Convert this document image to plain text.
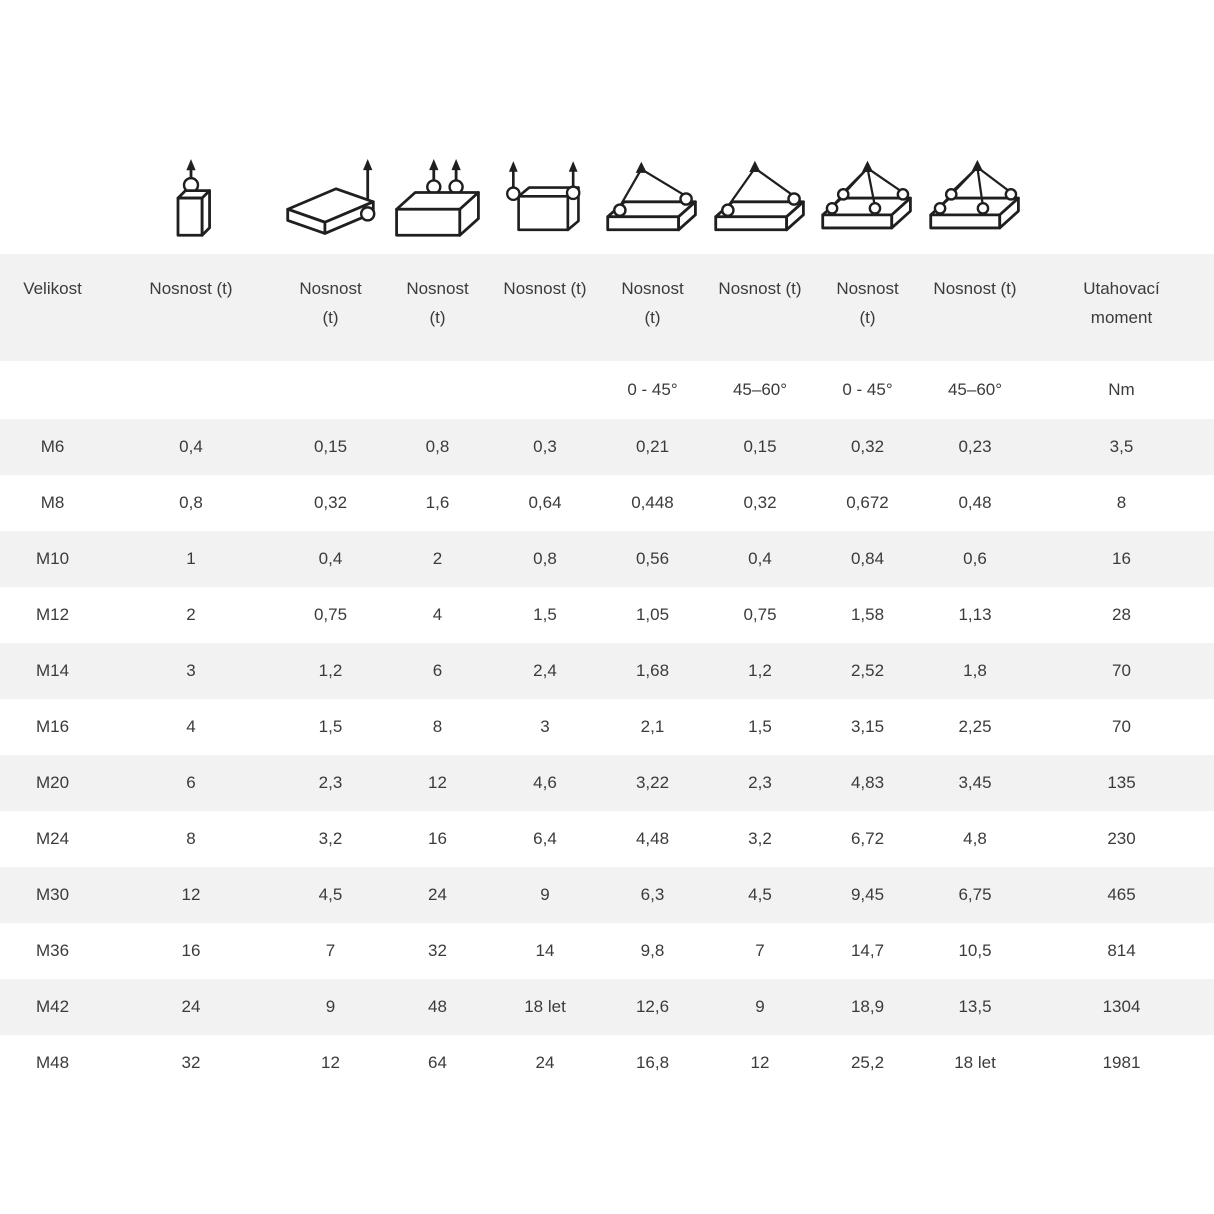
Velikost	Nosnost (t)	Nosnost (t)	Nosnost (t)	Nosnost (t)	Nosnost (t)	Nosnost (t)	Nosnost (t)	Nosnost (t)	Utahovací moment
					0 - 45°	45–60°	0 - 45°	45–60°	Nm
M6	0,4	0,15	0,8	0,3	0,21	0,15	0,32	0,23	3,5
M8	0,8	0,32	1,6	0,64	0,448	0,32	0,672	0,48	8
M10	1	0,4	2	0,8	0,56	0,4	0,84	0,6	16
M12	2	0,75	4	1,5	1,05	0,75	1,58	1,13	28
M14	3	1,2	6	2,4	1,68	1,2	2,52	1,8	70
M16	4	1,5	8	3	2,1	1,5	3,15	2,25	70
M20	6	2,3	12	4,6	3,22	2,3	4,83	3,45	135
M24	8	3,2	16	6,4	4,48	3,2	6,72	4,8	230
M30	12	4,5	24	9	6,3	4,5	9,45	6,75	465
M36	16	7	32	14	9,8	7	14,7	10,5	814
M42	24	9	48	18 let	12,6	9	18,9	13,5	1304
M48	32	12	64	24	16,8	12	25,2	18 let	1981
